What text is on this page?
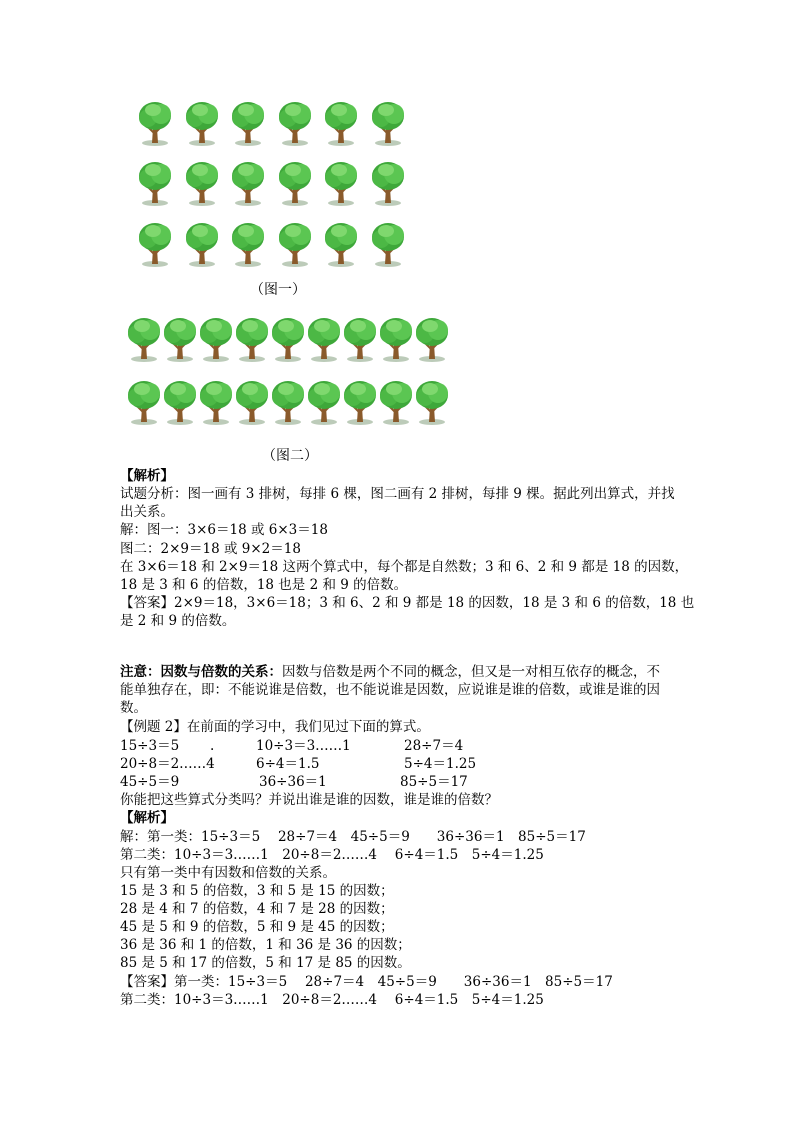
（图一）
（图二）
【解析】
试题分析：图一画有 3 排树，每排 6 棵，图二画有 2 排树，每排 9 棵。据此列出算式，并找
出关系。
解：图一：3×6＝18 或 6×3＝18
图二：2×9＝18 或 9×2＝18
在 3×6＝18 和 2×9＝18 这两个算式中，每个都是自然数；3 和 6、2 和 9 都是 18 的因数，
18 是 3 和 6 的倍数，18 也是 2 和 9 的倍数。
【答案】2×9＝18，3×6＝18；3 和 6、2 和 9 都是 18 的因数，18 是 3 和 6 的倍数，18 也
是 2 和 9 的倍数。
注意：因数与倍数的关系：因数与倍数是两个不同的概念，但又是一对相互依存的概念，不
能单独存在，即：不能说谁是倍数，也不能说谁是因数，应说谁是谁的倍数，或谁是谁的因
数。
【例题 2】在前面的学习中，我们见过下面的算式。
15÷3＝5 .	10÷3＝3……1	28÷7＝4
20÷8＝2……4	6÷4＝1.5	5÷4＝1.25
45÷5＝9	36÷36＝1	85÷5＝17
你能把这些算式分类吗？并说出谁是谁的因数，谁是谁的倍数？
【解析】
解：第一类：15÷3＝5　 28÷7＝4　45÷5＝9　　36÷36＝1　85÷5＝17
第二类：10÷3＝3……1　20÷8＝2……4　 6÷4＝1.5　5÷4＝1.25
只有第一类中有因数和倍数的关系。
15 是 3 和 5 的倍数，3 和 5 是 15 的因数；
28 是 4 和 7 的倍数，4 和 7 是 28 的因数；
45 是 5 和 9 的倍数，5 和 9 是 45 的因数；
36 是 36 和 1 的倍数，1 和 36 是 36 的因数；
85 是 5 和 17 的倍数，5 和 17 是 85 的因数。
【答案】第一类：15÷3＝5　 28÷7＝4　45÷5＝9　　36÷36＝1　85÷5＝17
第二类：10÷3＝3……1　20÷8＝2……4　 6÷4＝1.5　5÷4＝1.25
